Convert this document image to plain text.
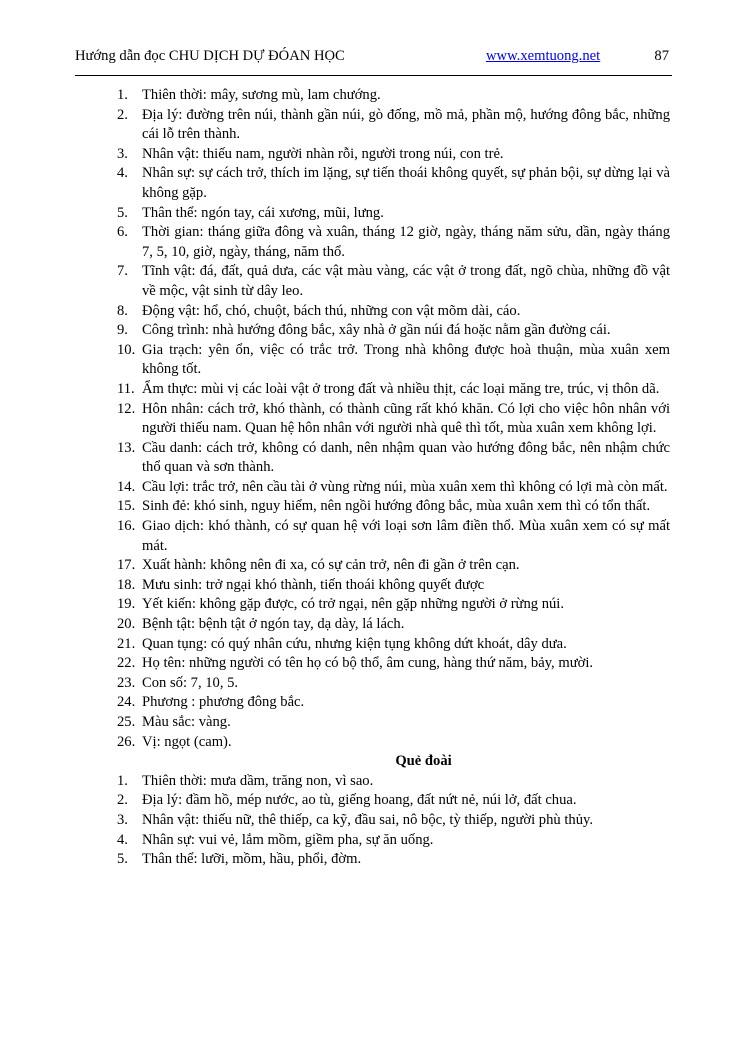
Hướng dẫn đọc CHU DỊCH DỰ ĐÓAN HỌC	www.xemtuong.net	87
1. Thiên thời: mây, sương mù, lam chướng.
2. Địa lý: đường trên núi, thành gần núi, gò đống, mồ mả, phần mộ, hướng đông bắc, những cái lỗ trên thành.
3. Nhân vật: thiếu nam, người nhàn rỗi, người trong núi, con trẻ.
4. Nhân sự: sự cách trở, thích im lặng, sự tiến thoái không quyết, sự phản bội, sự dừng lại và không gặp.
5. Thân thể: ngón tay, cái xương, mũi, lưng.
6. Thời gian: tháng giữa đông và xuân, tháng 12 giờ, ngày, tháng năm sửu, dần, ngày tháng 7, 5, 10, giờ, ngày, tháng, năm thổ.
7. Tĩnh vật: đá, đất, quả dưa, các vật màu vàng, các vật ở trong đất, ngõ chùa, những đồ vật về mộc, vật sinh từ dây leo.
8. Động vật: hổ, chó, chuột, bách thú, những con vật mõm dài, cáo.
9. Công trình: nhà hướng đông bắc, xây nhà ở gần núi đá hoặc nằm gần đường cái.
10. Gia trạch: yên ổn, việc có trắc trở. Trong nhà không được hoà thuận, mùa xuân xem không tốt.
11. Ẩm thực: mùi vị các loài vật ở trong đất và nhiều thịt, các loại măng tre, trúc, vị thôn dã.
12. Hôn nhân: cách trở, khó thành, có thành cũng rất khó khăn. Có lợi cho việc hôn nhân với người thiếu nam. Quan hệ hôn nhân với người nhà quê thì tốt, mùa xuân xem không lợi.
13. Cầu danh: cách trở, không có danh, nên nhậm quan vào hướng đông bắc, nên nhậm chức thổ quan và sơn thành.
14. Cầu lợi: trắc trở, nên cầu tài ở vùng rừng núi, mùa xuân xem thì không có lợi mà còn mất.
15. Sinh đẻ: khó sinh, nguy hiểm, nên ngồi hướng đông bắc, mùa xuân xem thì có tổn thất.
16. Giao dịch: khó thành, có sự quan hệ với loại sơn lâm điền thổ. Mùa xuân xem có sự mất mát.
17. Xuất hành: không nên đi xa, có sự cản trở, nên đi gần ở trên cạn.
18. Mưu sinh: trở ngại khó thành, tiến thoái không quyết được
19. Yết kiến: không gặp được, có trở ngại, nên gặp những người ở rừng núi.
20. Bệnh tật: bệnh tật ở ngón tay, dạ dày, lá lách.
21. Quan tụng: có quý nhân cứu, nhưng kiện tụng không dứt khoát, dây dưa.
22. Họ tên: những người có tên họ có bộ thổ, âm cung, hàng thứ năm, bảy, mười.
23. Con số: 7, 10, 5.
24. Phương : phương đông bắc.
25. Màu sắc: vàng.
26. Vị: ngọt (cam).
Quẻ đoài
1. Thiên thời: mưa dầm, trăng non, vì sao.
2. Địa lý: đầm hồ, mép nước, ao tù, giếng hoang, đất nứt nẻ, núi lở, đất chua.
3. Nhân vật: thiếu nữ, thê thiếp, ca kỹ, đầu sai, nô bộc, tỳ thiếp, người phù thủy.
4. Nhân sự: vui vẻ, lắm mồm, giềm pha, sự ăn uống.
5. Thân thể: lưỡi, mồm, hầu, phổi, đờm.
